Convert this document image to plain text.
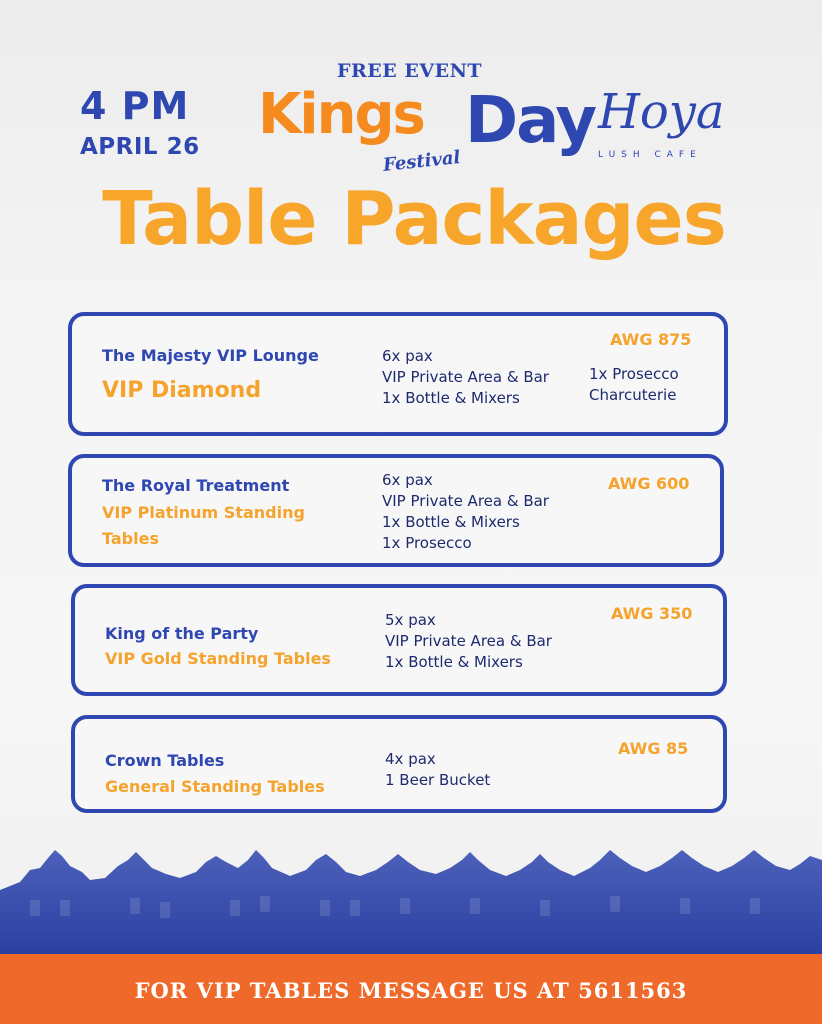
4 PM
APRIL 26
FREE EVENT
Kings Day
Festival
Hoya
LUSH CAFE
Table Packages
The Majesty VIP Lounge
VIP Diamond
6x pax
VIP Private Area & Bar
1x Bottle & Mixers
1x Prosecco
Charcuterie
AWG 875
The Royal Treatment
VIP Platinum Standing
Tables
6x pax
VIP Private Area & Bar
1x Bottle & Mixers
1x Prosecco
AWG 600
King of the Party
VIP Gold Standing Tables
5x pax
VIP Private Area & Bar
1x Bottle & Mixers
AWG 350
Crown Tables
General Standing Tables
4x pax
1 Beer Bucket
AWG 85
FOR VIP TABLES MESSAGE US AT 5611563
